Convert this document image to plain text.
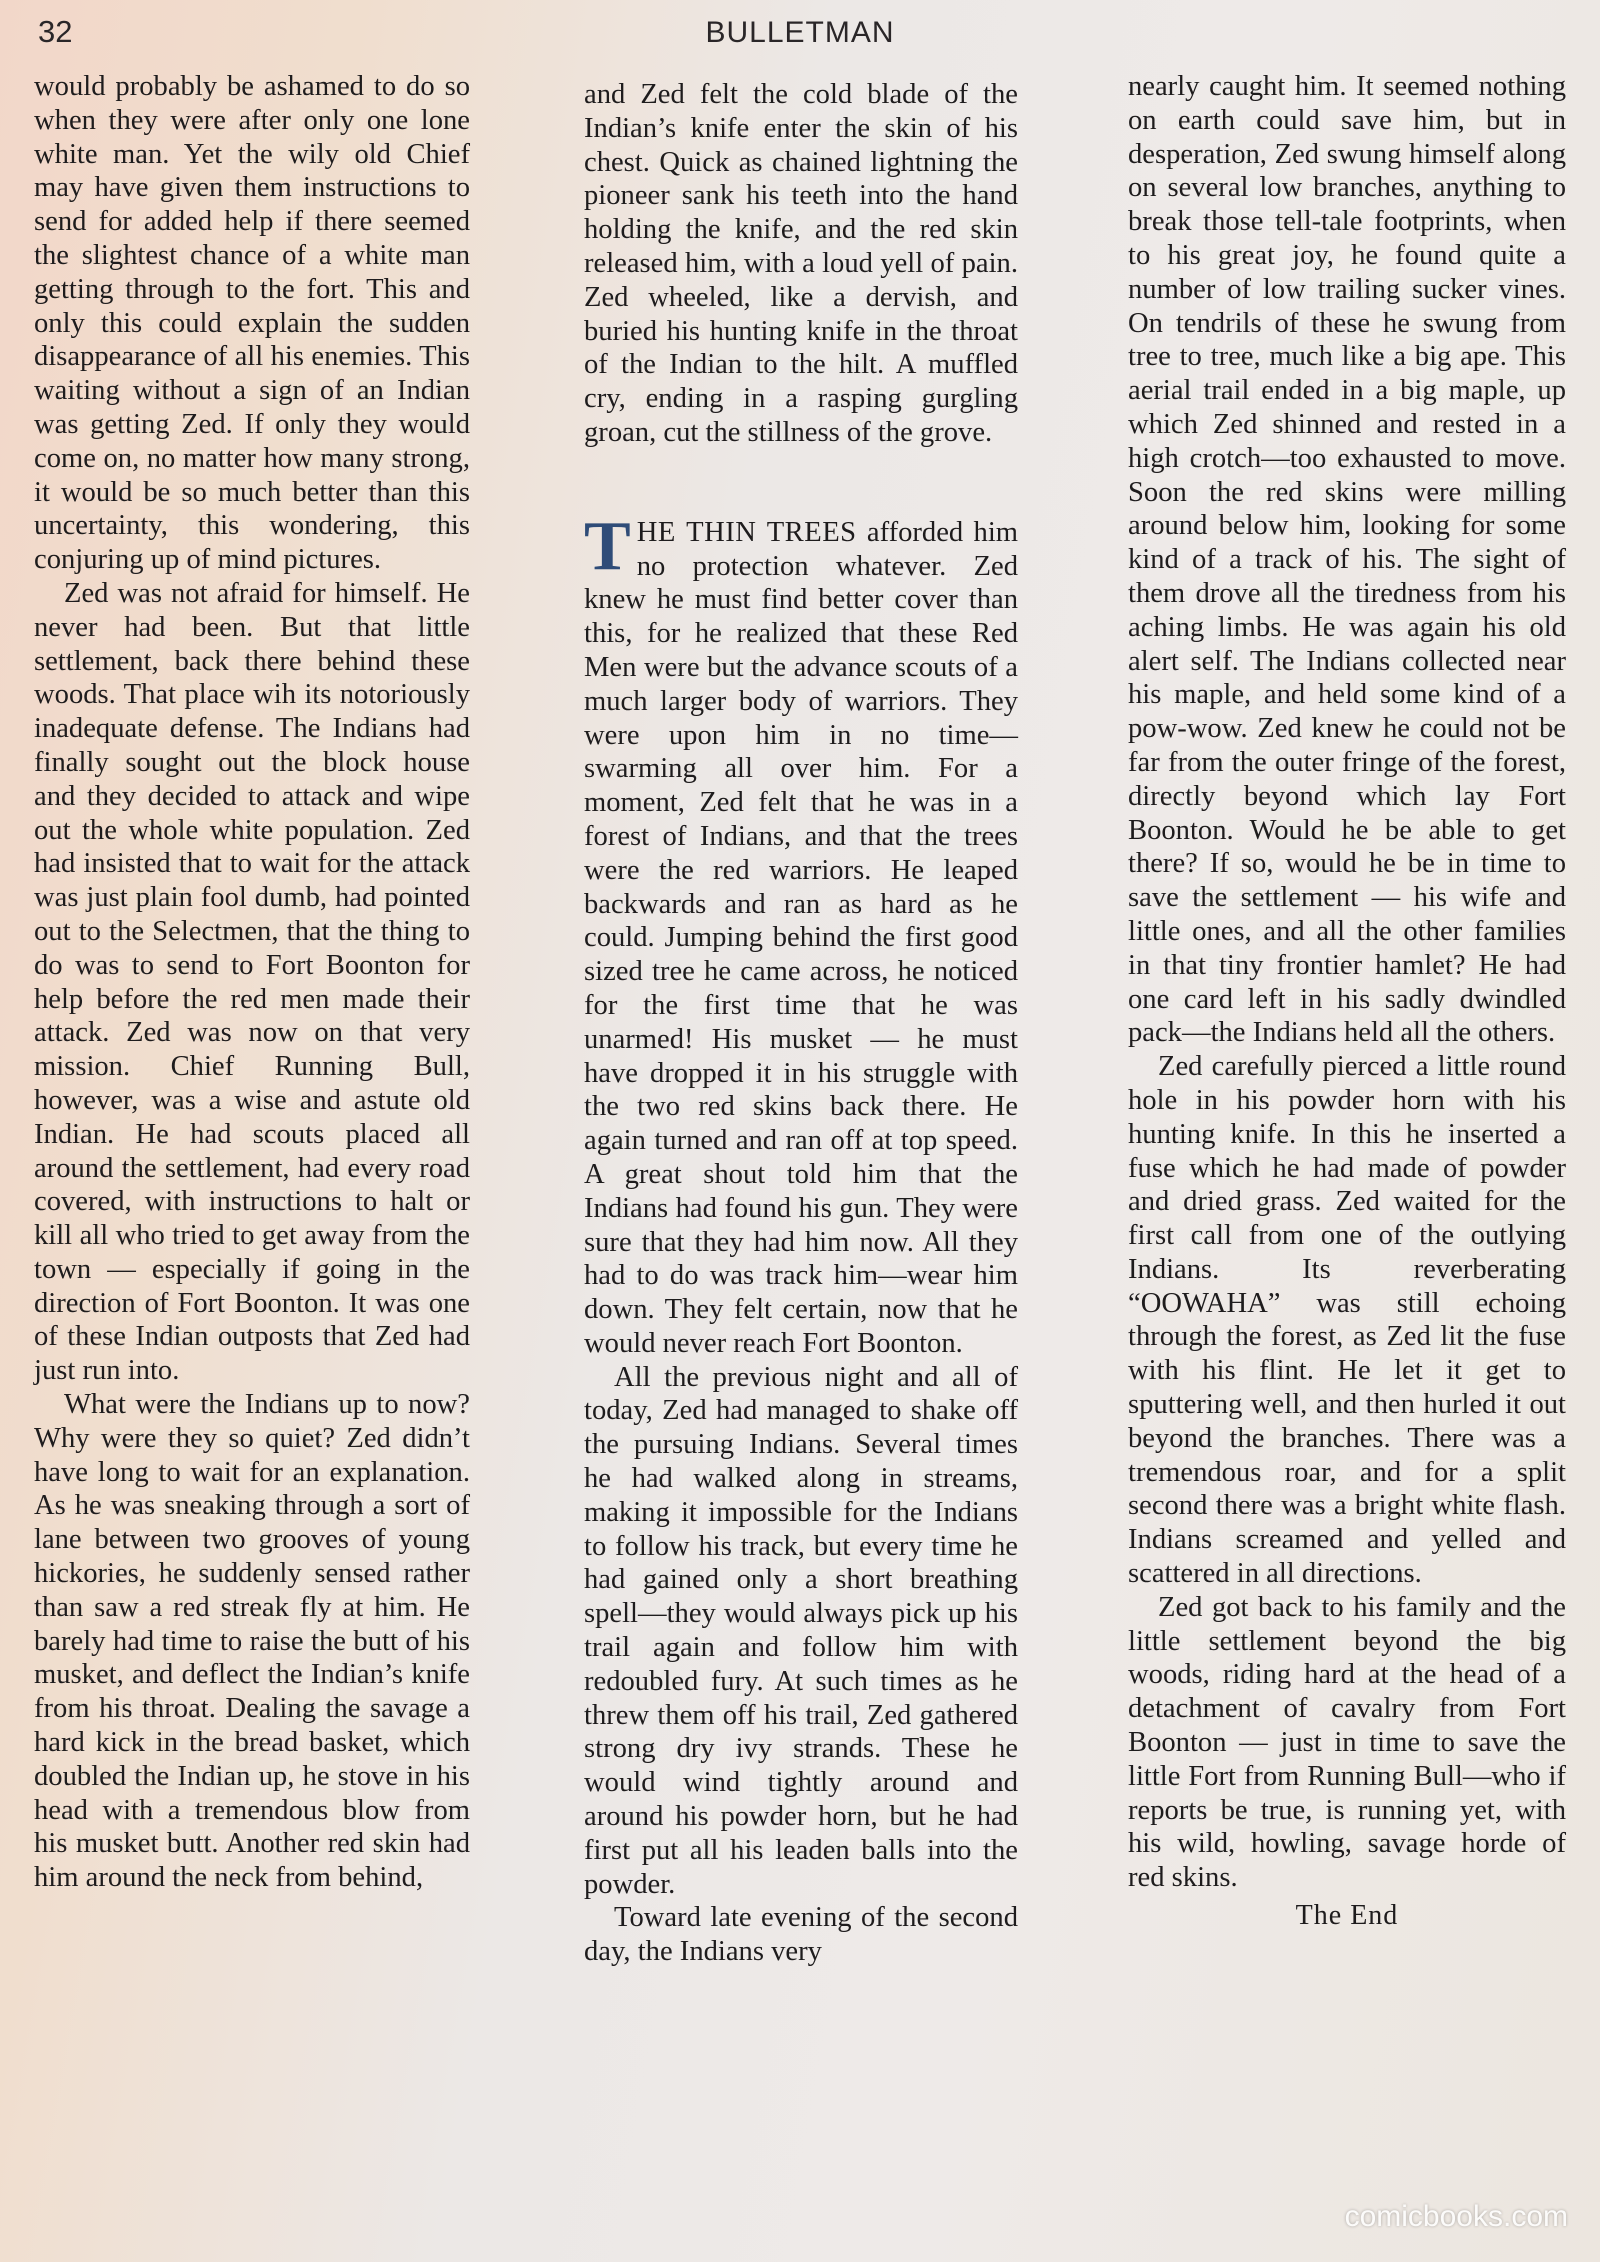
32	BULLETMAN

would probably be ashamed to do so when they were after only one lone white man. Yet the wily old Chief may have given them instructions to send for added help if there seemed the slightest chance of a white man getting through to the fort. This and only this could explain the sudden disappearance of all his enemies. This waiting without a sign of an Indian was getting Zed. If only they would come on, no matter how many strong, it would be so much better than this uncertainty, this wondering, this conjuring up of mind pictures.

Zed was not afraid for himself. He never had been. But that little settlement, back there behind these woods. That place wih its notoriously inadequate defense. The Indians had finally sought out the block house and they decided to attack and wipe out the whole white population. Zed had insisted that to wait for the attack was just plain fool dumb, had pointed out to the Selectmen, that the thing to do was to send to Fort Boonton for help before the red men made their attack. Zed was now on that very mission. Chief Running Bull, however, was a wise and astute old Indian. He had scouts placed all around the settlement, had every road covered, with instructions to halt or kill all who tried to get away from the town — especially if going in the direction of Fort Boonton. It was one of these Indian outposts that Zed had just run into.

What were the Indians up to now? Why were they so quiet? Zed didn’t have long to wait for an explanation. As he was sneaking through a sort of lane between two grooves of young hickories, he suddenly sensed rather than saw a red streak fly at him. He barely had time to raise the butt of his musket, and deflect the Indian’s knife from his throat. Dealing the savage a hard kick in the bread basket, which doubled the Indian up, he stove in his head with a tremendous blow from his musket butt. Another red skin had him around the neck from behind,

and Zed felt the cold blade of the Indian’s knife enter the skin of his chest. Quick as chained lightning the pioneer sank his teeth into the hand holding the knife, and the red skin released him, with a loud yell of pain. Zed wheeled, like a dervish, and buried his hunting knife in the throat of the Indian to the hilt. A muffled cry, ending in a rasping gurgling groan, cut the stillness of the grove.

THE THIN TREES afforded him no protection whatever. Zed knew he must find better cover than this, for he realized that these Red Men were but the advance scouts of a much larger body of warriors. They were upon him in no time— swarming all over him. For a moment, Zed felt that he was in a forest of Indians, and that the trees were the red warriors. He leaped backwards and ran as hard as he could. Jumping behind the first good sized tree he came across, he noticed for the first time that he was unarmed! His musket — he must have dropped it in his struggle with the two red skins back there. He again turned and ran off at top speed. A great shout told him that the Indians had found his gun. They were sure that they had him now. All they had to do was track him—wear him down. They felt certain, now that he would never reach Fort Boonton.

All the previous night and all of today, Zed had managed to shake off the pursuing Indians. Several times he had walked along in streams, making it impossible for the Indians to follow his track, but every time he had gained only a short breathing spell—they would always pick up his trail again and follow him with redoubled fury. At such times as he threw them off his trail, Zed gathered strong dry ivy strands. These he would wind tightly around and around his powder horn, but he had first put all his leaden balls into the powder.

Toward late evening of the second day, the Indians very

nearly caught him. It seemed nothing on earth could save him, but in desperation, Zed swung himself along on several low branches, anything to break those tell-tale footprints, when to his great joy, he found quite a number of low trailing sucker vines. On tendrils of these he swung from tree to tree, much like a big ape. This aerial trail ended in a big maple, up which Zed shinned and rested in a high crotch—too exhausted to move. Soon the red skins were milling around below him, looking for some kind of a track of his. The sight of them drove all the tiredness from his aching limbs. He was again his old alert self. The Indians collected near his maple, and held some kind of a pow-wow. Zed knew he could not be far from the outer fringe of the forest, directly beyond which lay Fort Boonton. Would he be able to get there? If so, would he be in time to save the settlement — his wife and little ones, and all the other families in that tiny frontier hamlet? He had one card left in his sadly dwindled pack—the Indians held all the others.

Zed carefully pierced a little round hole in his powder horn with his hunting knife. In this he inserted a fuse which he had made of powder and dried grass. Zed waited for the first call from one of the outlying Indians. Its reverberating “OOWAHA” was still echoing through the forest, as Zed lit the fuse with his flint. He let it get to sputtering well, and then hurled it out beyond the branches. There was a tremendous roar, and for a split second there was a bright white flash. Indians screamed and yelled and scattered in all directions.

Zed got back to his family and the little settlement beyond the big woods, riding hard at the head of a detachment of cavalry from Fort Boonton — just in time to save the little Fort from Running Bull—who if reports be true, is running yet, with his wild, howling, savage horde of red skins.

The End
comicbooks.com
